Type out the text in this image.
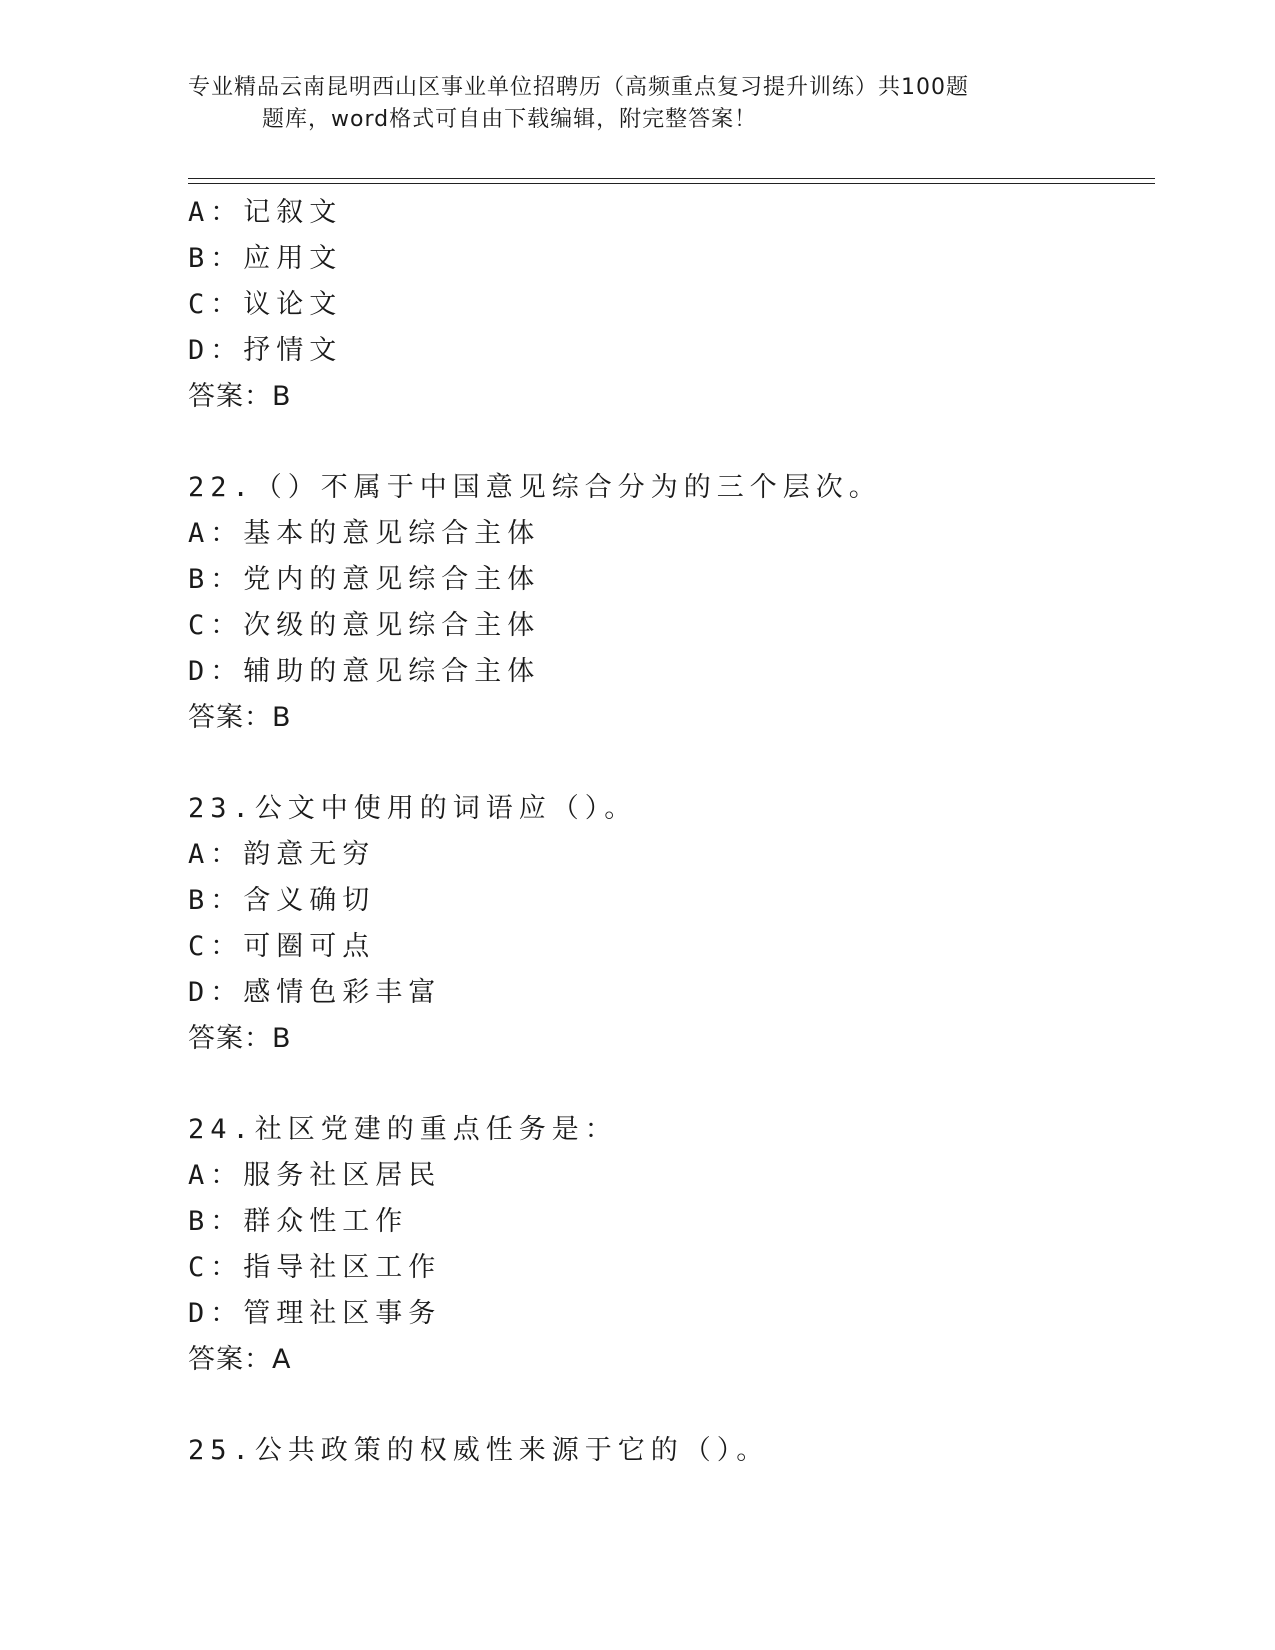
专业精品云南昆明西山区事业单位招聘历（高频重点复习提升训练）共100题
题库，word格式可自由下载编辑，附完整答案！
A：记叙文
B：应用文
C：议论文
D：抒情文
答案：B
22.（）不属于中国意见综合分为的三个层次。
A：基本的意见综合主体
B：党内的意见综合主体
C：次级的意见综合主体
D：辅助的意见综合主体
答案：B
23.公文中使用的词语应（）。
A：韵意无穷
B：含义确切
C：可圈可点
D：感情色彩丰富
答案：B
24.社区党建的重点任务是：
A：服务社区居民
B：群众性工作
C：指导社区工作
D：管理社区事务
答案：A
25.公共政策的权威性来源于它的（）。
